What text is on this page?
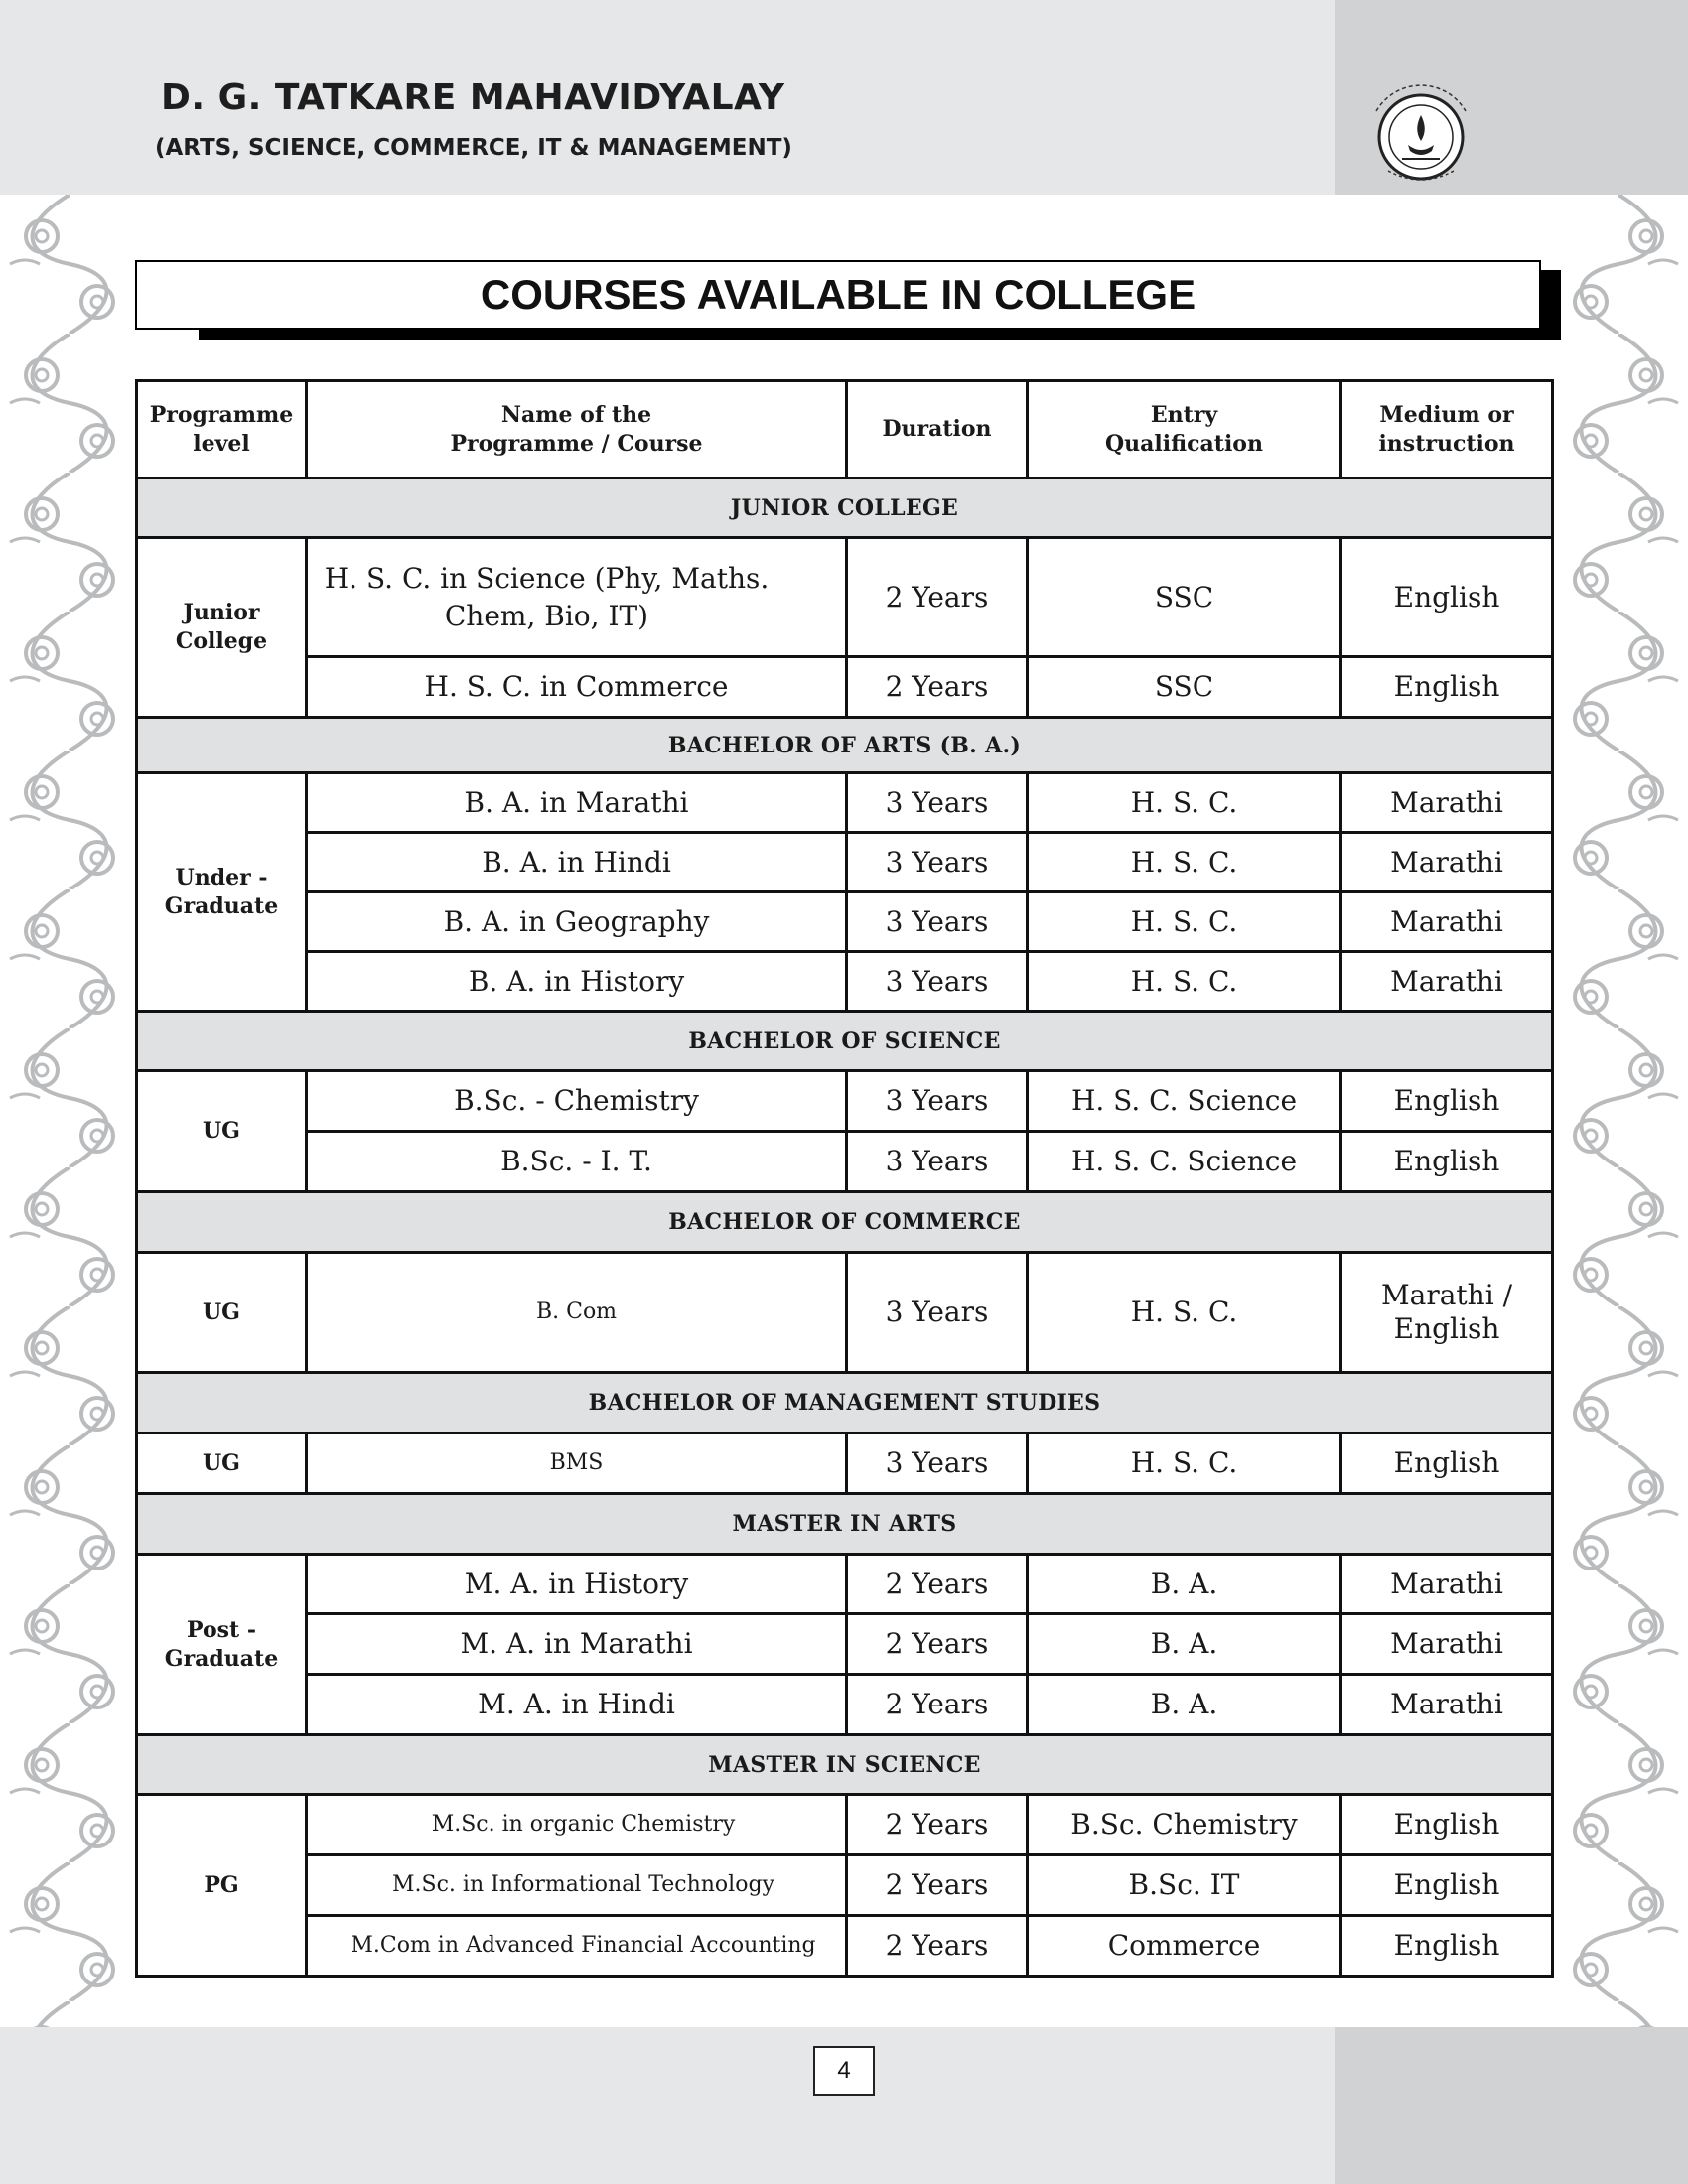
D. G. TATKARE MAHAVIDYALAY
(ARTS, SCIENCE, COMMERCE, IT & MANAGEMENT)
COURSES AVAILABLE IN COLLEGE
Programme level	Name of the Programme / Course	Duration	Entry Qualification	Medium or instruction
JUNIOR COLLEGE				
Junior College	H. S. C. in Science (Phy, Maths. Chem, Bio, IT)	2 Years	SSC	English
	H. S. C. in Commerce	2 Years	SSC	English
BACHELOR OF ARTS (B. A.)				
Under - Graduate	B. A. in Marathi	3 Years	H. S. C.	Marathi
	B. A. in Hindi	3 Years	H. S. C.	Marathi
	B. A. in Geography	3 Years	H. S. C.	Marathi
	B. A. in History	3 Years	H. S. C.	Marathi
BACHELOR OF SCIENCE				
UG	B.Sc. - Chemistry	3 Years	H. S. C. Science	English
	B.Sc. - I. T.	3 Years	H. S. C. Science	English
BACHELOR OF COMMERCE				
UG	B. Com	3 Years	H. S. C.	Marathi / English
BACHELOR OF MANAGEMENT STUDIES				
UG	BMS	3 Years	H. S. C.	English
MASTER IN ARTS				
Post - Graduate	M. A. in History	2 Years	B. A.	Marathi
	M. A. in Marathi	2 Years	B. A.	Marathi
	M. A. in Hindi	2 Years	B. A.	Marathi
MASTER IN SCIENCE				
PG	M.Sc. in organic Chemistry	2 Years	B.Sc. Chemistry	English
	M.Sc. in Informational Technology	2 Years	B.Sc. IT	English
	M.Com in Advanced Financial Accounting	2 Years	Commerce	English
4
